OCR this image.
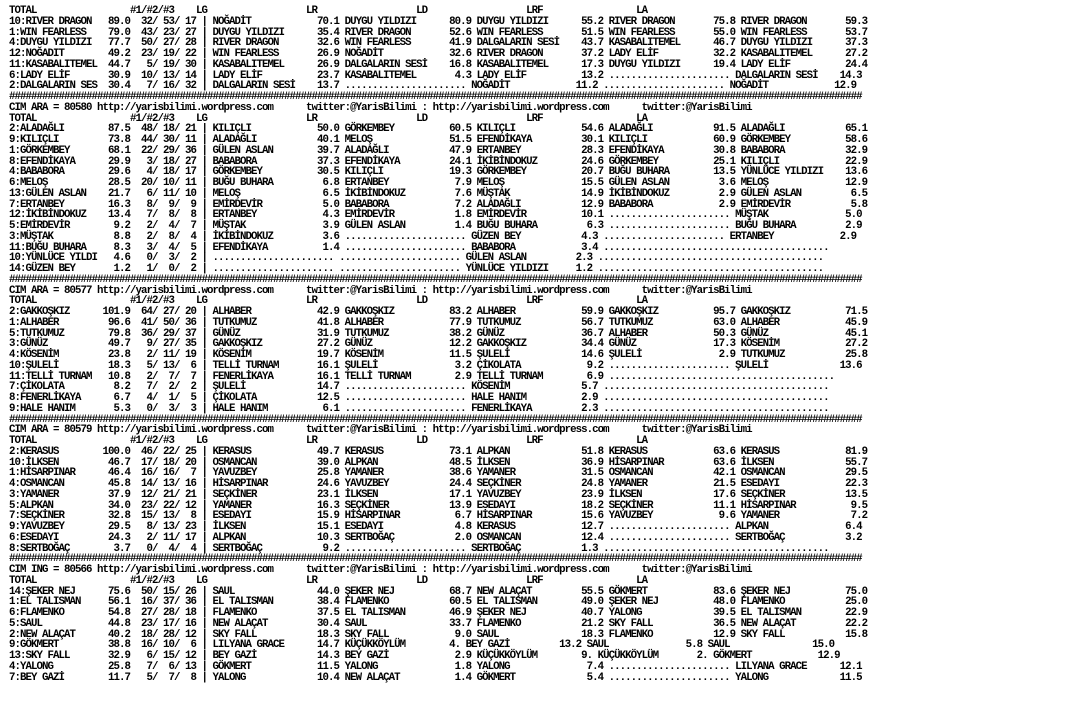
TOTAL                 #1/#2/#3    LG                  LR                  LD                  LRF                 LA
10:RIVER DRAGON   89.0  32/ 53/ 17 | NOĞADİT            70.1 DUYGU YILDIZI      80.9 DUYGU YILDIZI      55.2 RIVER DRAGON       75.8 RIVER DRAGON       59.3
1:WIN FEARLESS    79.0  43/ 23/ 27 | DUYGU YILDIZI      35.4 RIVER DRAGON       52.6 WIN FEARLESS       51.5 WIN FEARLESS       55.0 WIN FEARLESS       53.7
4:DUYGU YILDIZI   77.7  50/ 27/ 28 | RIVER DRAGON       32.6 WIN FEARLESS       41.9 DALGALARIN SESİ    43.7 KASABALITEMEL      46.7 DUYGU YILDIZI      37.3
12:NOĞADIT        49.2  23/ 19/ 22 | WIN FEARLESS       26.9 NOĞADİT            32.6 RIVER DRAGON       37.2 LADY ELİF          32.2 KASABALITEMEL      27.2
11:KASABALITEMEL  44.7   5/ 19/ 30 | KASABALITEMEL      26.9 DALGALARIN SESİ    16.8 KASABALITEMEL      17.3 DUYGU YILDIZI      19.4 LADY ELİF          24.4
6:LADY ELİF       30.9  10/ 13/ 14 | LADY ELİF          23.7 KASABALITEMEL       4.3 LADY ELİF          13.2 ...................... DALGALARIN SESİ    14.3
2:DALGALARIN SES  30.4   7/ 16/ 32 | DALGALARIN SESİ    13.7 ...................... NOĞADİT            11.2 ...................... NOĞADİT            12.9
###########################################################################################################################################################
CIM ARA = 80580 http://yarisbilimi.wordpress.com      twitter:@YarisBilimi : http://yarisbilimi.wordpress.com      twitter:@YarisBilimi
TOTAL                 #1/#2/#3    LG                  LR                  LD                  LRF                 LA
2:ALADAĞLI        87.5  48/ 18/ 21 | KILIÇLI            50.0 GÖRKEMBEY          60.5 KILIÇLI            54.6 ALADAĞLI           91.5 ALADAĞLI           65.1
9:KILIÇLI         73.8  44/ 30/ 11 | ALADAĞLI           40.1 MELOŞ              51.5 EFENDİKAYA         30.1 KILIÇLI            60.9 GÖRKEMBEY          58.6
1:GÖRKEMBEY       68.1  22/ 29/ 36 | GÜLEN ASLAN        39.7 ALADAĞLI           47.9 ERTANBEY           28.3 EFENDİKAYA         30.8 BABABORA           32.9
8:EFENDİKAYA      29.9   3/ 18/ 27 | BABABORA           37.3 EFENDİKAYA         24.1 İKİBİNDOKUZ        24.6 GÖRKEMBEY          25.1 KILIÇLI            22.9
4:BABABORA        29.6   4/ 18/ 17 | GÖRKEMBEY          30.5 KILIÇLI            19.3 GÖRKEMBEY          20.7 BUĞU BUHARA        13.5 YÜNLÜCE YILDIZI    13.6
6:MELOŞ           28.5  20/ 10/ 11 | BUĞU BUHARA         6.8 ERTANBEY            7.9 MELOŞ              15.5 GÜLEN ASLAN         3.6 MELOŞ              12.9
13:GÜLEN ASLAN    21.7   6/ 11/ 10 | MELOŞ               6.5 İKİBİNDOKUZ         7.6 MÜŞTAK             14.9 İKİBİNDOKUZ         2.9 GÜLEN ASLAN         6.5
7:ERTANBEY        16.3   8/  9/  9 | EMİRDEVİR           5.0 BABABORA            7.2 ALADAĞLI           12.9 BABABORA            2.9 EMİRDEVİR           5.8
12:İKİBİNDOKUZ    13.4   7/  8/  8 | ERTANBEY            4.3 EMİRDEVİR           1.8 EMİRDEVİR          10.1 ...................... MÜŞTAK              5.0
5:EMİRDEVİR        9.2   2/  4/  7 | MÜŞTAK              3.9 GÜLEN ASLAN         1.4 BUĞU BUHARA         6.3 ...................... BUĞU BUHARA         2.9
3:MÜŞTAK           8.8   2/  8/  4 | İKİBİNDOKUZ         3.6 ...................... GÜZEN BEY           4.3 ...................... ERTANBEY            2.9
11:BUĞU BUHARA     8.3   3/  4/  5 | EFENDİKAYA          1.4 ...................... BABABORA            3.4 .........................................
10:YÜNLÜCE YILDI   4.6   0/  3/  2 | ...................... ...................... GÜLEN ASLAN         2.3 .........................................
14:GÜZEN BEY       1.2   1/  0/  2 | ...................... ...................... YÜNLÜCE YILDIZI     1.2 .........................................
###########################################################################################################################################################
CIM ARA = 80577 http://yarisbilimi.wordpress.com      twitter:@YarisBilimi : http://yarisbilimi.wordpress.com      twitter:@YarisBilimi
TOTAL                 #1/#2/#3    LG                  LR                  LD                  LRF                 LA
2:GAKKOŞKIZ      101.9  64/ 27/ 20 | ALHABER            42.9 GAKKOŞKIZ          83.2 ALHABER            59.9 GAKKOŞKIZ          95.7 GAKKOŞKIZ          71.5
1:ALHABER         96.6  41/ 50/ 36 | TUTKUMUZ           41.8 ALHABER            77.9 TUTKUMUZ           56.7 TUTKUMUZ           63.0 ALHABER            45.9
5:TUTKUMUZ        79.8  36/ 29/ 37 | GÜNÜZ              31.9 TUTKUMUZ           38.2 GÜNÜZ              36.7 ALHABER            50.3 GÜNÜZ              45.1
3:GÜNÜZ           49.7   9/ 27/ 35 | GAKKOŞKIZ          27.2 GÜNÜZ              12.2 GAKKOŞKIZ          34.4 GÜNÜZ              17.3 KÖSENİM            27.2
4:KÖSENİM         23.8   2/ 11/ 19 | KÖSENİM            19.7 KÖSENİM            11.5 ŞULELİ             14.6 ŞULELİ              2.9 TUTKUMUZ           25.8
10:ŞULELİ         18.3   5/ 13/  6 | TELLİ TURNAM       16.1 ŞULELİ              3.2 ÇİKOLATA            9.2 ...................... ŞULELİ             13.6
11:TELLİ TURNAM   10.8   2/  7/  7 | FENERLİKAYA        16.1 TELLİ TURNAM        2.9 TELLİ TURNAM        6.9 .........................................
7:ÇİKOLATA         8.2   7/  2/  2 | ŞULELİ             14.7 ...................... KÖSENİM             5.7 .........................................
8:FENERLİKAYA      6.7   4/  1/  5 | ÇİKOLATA           12.5 ...................... HALE HANIM          2.9 .........................................
9:HALE HANIM       5.3   0/  3/  3 | HALE HANIM          6.1 ...................... FENERLİKAYA         2.3 .........................................
###########################################################################################################################################################
CIM ARA = 80579 http://yarisbilimi.wordpress.com      twitter:@YarisBilimi : http://yarisbilimi.wordpress.com      twitter:@YarisBilimi
TOTAL                 #1/#2/#3    LG                  LR                  LD                  LRF                 LA
2:KERASUS        100.0  46/ 22/ 25 | KERASUS            49.7 KERASUS            73.1 ALPKAN             51.8 KERASUS            63.6 KERASUS            81.9
10:İLKSEN         46.7  17/ 18/ 20 | OSMANCAN           39.0 ALPKAN             48.5 İLKSEN             36.9 HİSARPINAR         63.6 İLKSEN             55.7
1:HİSARPINAR      46.4  16/ 16/  7 | YAVUZBEY           25.8 YAMANER            38.6 YAMANER            31.5 OSMANCAN           42.1 OSMANCAN           29.5
4:OSMANCAN        45.8  14/ 13/ 16 | HİSARPINAR         24.6 YAVUZBEY           24.4 SEÇKİNER           24.8 YAMANER            21.5 ESEDAYI            22.3
3:YAMANER         37.9  12/ 21/ 21 | SEÇKİNER           23.1 İLKSEN             17.1 YAVUZBEY           23.9 İLKSEN             17.6 SEÇKİNER           13.5
5:ALPKAN          34.0  23/ 22/ 12 | YAMANER            16.3 SEÇKİNER           13.9 ESEDAYI            18.2 SEÇKİNER           11.1 HİSARPINAR          9.5
7:SEÇKİNER        32.8  15/ 13/  8 | ESEDAYI            15.9 HİSARPINAR          6.7 HİSARPINAR         15.6 YAVUZBEY            9.6 YAMANER             7.2
9:YAVUZBEY        29.5   8/ 13/ 23 | İLKSEN             15.1 ESEDAYI             4.8 KERASUS            12.7 ...................... ALPKAN              6.4
6:ESEDAYI         24.3   2/ 11/ 17 | ALPKAN             10.3 SERTBOĞAÇ           2.0 OSMANCAN           12.4 ...................... SERTBOĞAÇ           3.2
8:SERTBOĞAÇ        3.7   0/  4/  4 | SERTBOĞAÇ           9.2 ...................... SERTBOĞAÇ           1.3 .........................................
###########################################################################################################################################################
CIM ING = 80566 http://yarisbilimi.wordpress.com      twitter:@YarisBilimi : http://yarisbilimi.wordpress.com      twitter:@YarisBilimi
TOTAL                 #1/#2/#3    LG                  LR                  LD                  LRF                 LA
14:ŞEKER NEJ      75.6  50/ 15/ 26 | SAUL               44.0 ŞEKER NEJ          68.7 NEW ALAÇAT         55.5 GÖKMERT            83.6 ŞEKER NEJ          75.0
1:EL TALISMAN     56.1  16/ 37/ 36 | EL TALISMAN        38.4 FLAMENKO           60.5 EL TALISMAN        49.0 ŞEKER NEJ          48.0 FLAMENKO           25.0
6:FLAMENKO        54.8  27/ 28/ 18 | FLAMENKO           37.5 EL TALISMAN        46.9 ŞEKER NEJ          40.7 YALONG             39.5 EL TALISMAN        22.9
5:SAUL            44.8  23/ 17/ 16 | NEW ALAÇAT         30.4 SAUL               33.7 FLAMENKO           21.2 SKY FALL           36.5 NEW ALAÇAT         22.2
2:NEW ALAÇAT      40.2  18/ 28/ 12 | SKY FALL           18.3 SKY FALL            9.0 SAUL               18.3 FLAMENKO           12.9 SKY FALL           15.8
9:GÖKMERT         38.8  16/ 10/  6 | LILYANA GRACE      14.7 KÜÇÜKKÖYLÜM        4. BEY GAZİ         13.2 SAUL              5.8 SAUL               15.0
13:SKY FALL       32.9   6/ 15/ 12 | BEY GAZİ           14.3 BEY GAZİ            2.9 KÜÇÜKKÖYLÜM        9. KÜÇÜKKÖYLÜM       2. GÖKMERT            12.9
4:YALONG          25.8   7/  6/ 13 | GÖKMERT            11.5 YALONG              1.8 YALONG              7.4 ...................... LILYANA GRACE      12.1
7:BEY GAZİ        11.7   5/  7/  8 | YALONG             10.4 NEW ALAÇAT          1.4 GÖKMERT             5.4 ...................... YALONG             11.5
